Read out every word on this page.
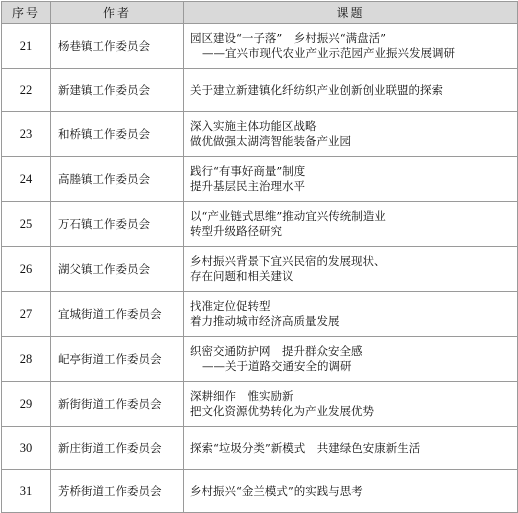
序号	作者	课题
21	杨巷镇工作委员会	园区建设“一子落”　乡村振兴“满盘活”
——宜兴市现代农业产业示范园产业振兴发展调研

22	新建镇工作委员会	关于建立新建镇化纤纺织产业创新创业联盟的探索

23	和桥镇工作委员会	深入实施主体功能区战略
做优做强太湖湾智能装备产业园

24	高塍镇工作委员会	践行“有事好商量”制度
提升基层民主治理水平

25	万石镇工作委员会	以“产业链式思维”推动宜兴传统制造业
转型升级路径研究

26	湖父镇工作委员会	乡村振兴背景下宜兴民宿的发展现状、
存在问题和相关建议

27	宜城街道工作委员会	找准定位促转型
着力推动城市经济高质量发展

28	屺亭街道工作委员会	织密交通防护网　提升群众安全感
——关于道路交通安全的调研

29	新街街道工作委员会	深耕细作　惟实励新
把文化资源优势转化为产业发展优势

30	新庄街道工作委员会	探索“垃圾分类”新模式　共建绿色安康新生活

31	芳桥街道工作委员会	乡村振兴“金兰模式”的实践与思考
